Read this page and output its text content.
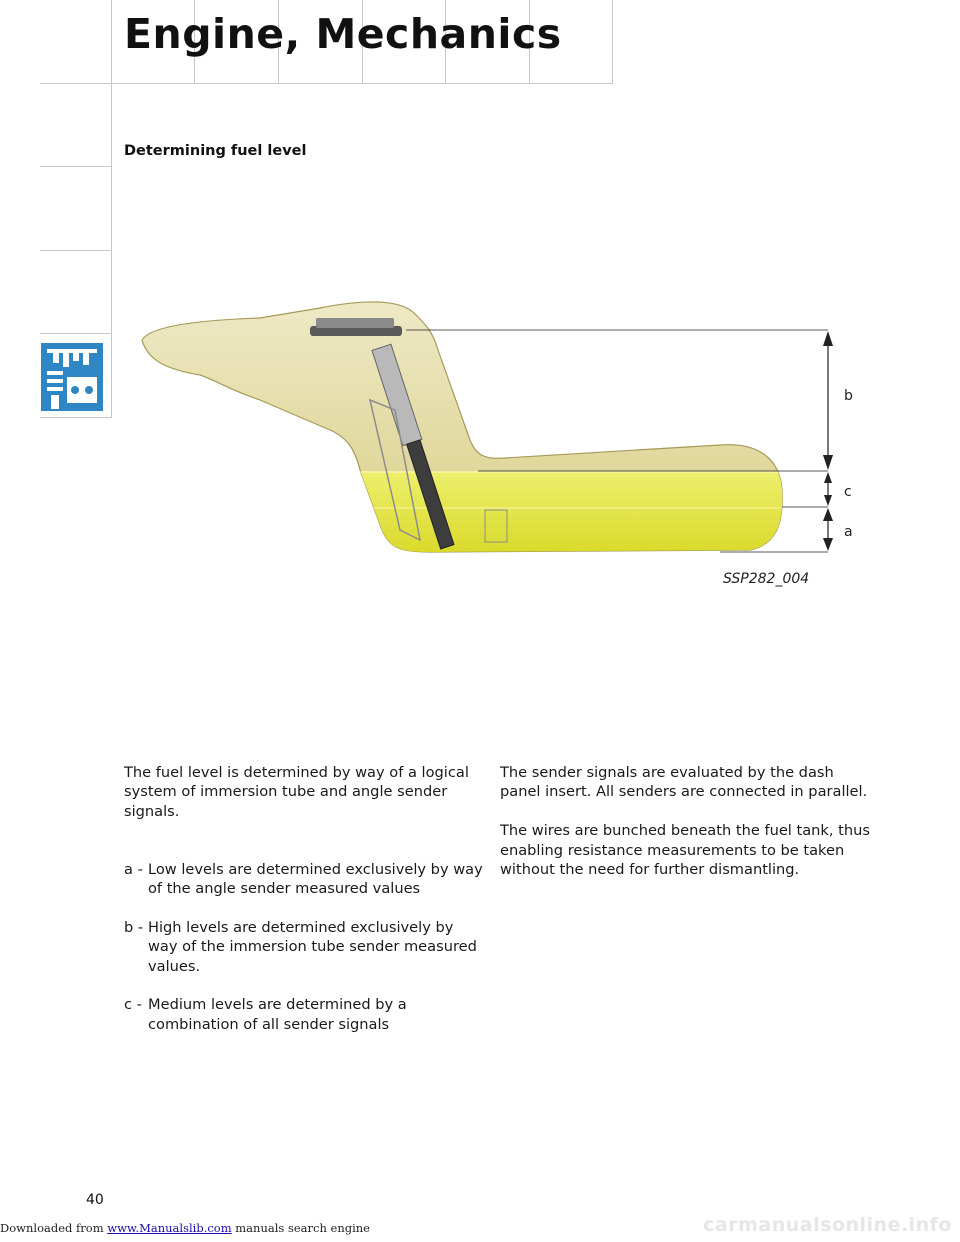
Engine, Mechanics
Determining fuel level
b
c
a
SSP282_004

The fuel level is determined by way of a logical system of immersion tube and angle sender signals.

a - Low levels are determined exclusively by way of the angle sender measured values
b - High levels are determined exclusively by way of the immersion tube sender measured values.
c - Medium levels are determined by a combination of all sender signals

The sender signals are evaluated by the dash panel insert. All senders are connected in parallel.

The wires are bunched beneath the fuel tank, thus enabling resistance measurements to be taken without the need for further dismantling.

40
Downloaded from www.Manualslib.com manuals search engine	carmanualsonline.info
